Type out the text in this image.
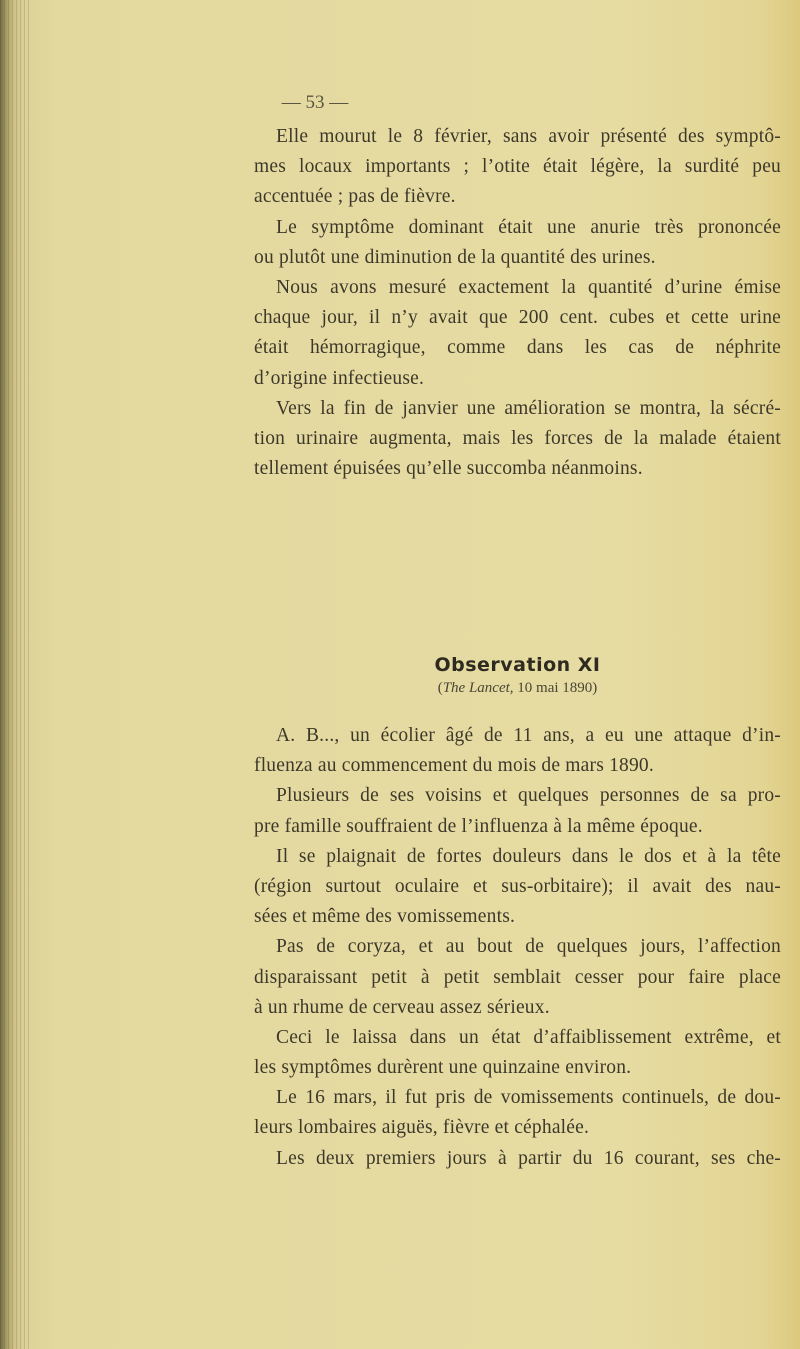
— 53 —
Elle mourut le 8 février, sans avoir présenté des symptô-
mes locaux importants ; l’otite était légère, la surdité peu
accentuée ; pas de fièvre.
Le symptôme dominant était une anurie très prononcée
ou plutôt une diminution de la quantité des urines.
Nous avons mesuré exactement la quantité d’urine émise
chaque jour, il n’y avait que 200 cent. cubes et cette urine
était hémorragique, comme dans les cas de néphrite
d’origine infectieuse.
Vers la fin de janvier une amélioration se montra, la sécré-
tion urinaire augmenta, mais les forces de la malade étaient
tellement épuisées qu’elle succomba néanmoins.
Observation XI
(The Lancet, 10 mai 1890)
A. B..., un écolier âgé de 11 ans, a eu une attaque d’in-
fluenza au commencement du mois de mars 1890.
Plusieurs de ses voisins et quelques personnes de sa pro-
pre famille souffraient de l’influenza à la même époque.
Il se plaignait de fortes douleurs dans le dos et à la tête
(région surtout oculaire et sus-orbitaire); il avait des nau-
sées et même des vomissements.
Pas de coryza, et au bout de quelques jours, l’affection
disparaissant petit à petit semblait cesser pour faire place
à un rhume de cerveau assez sérieux.
Ceci le laissa dans un état d’affaiblissement extrême, et
les symptômes durèrent une quinzaine environ.
Le 16 mars, il fut pris de vomissements continuels, de dou-
leurs lombaires aiguës, fièvre et céphalée.
Les deux premiers jours à partir du 16 courant, ses che-
